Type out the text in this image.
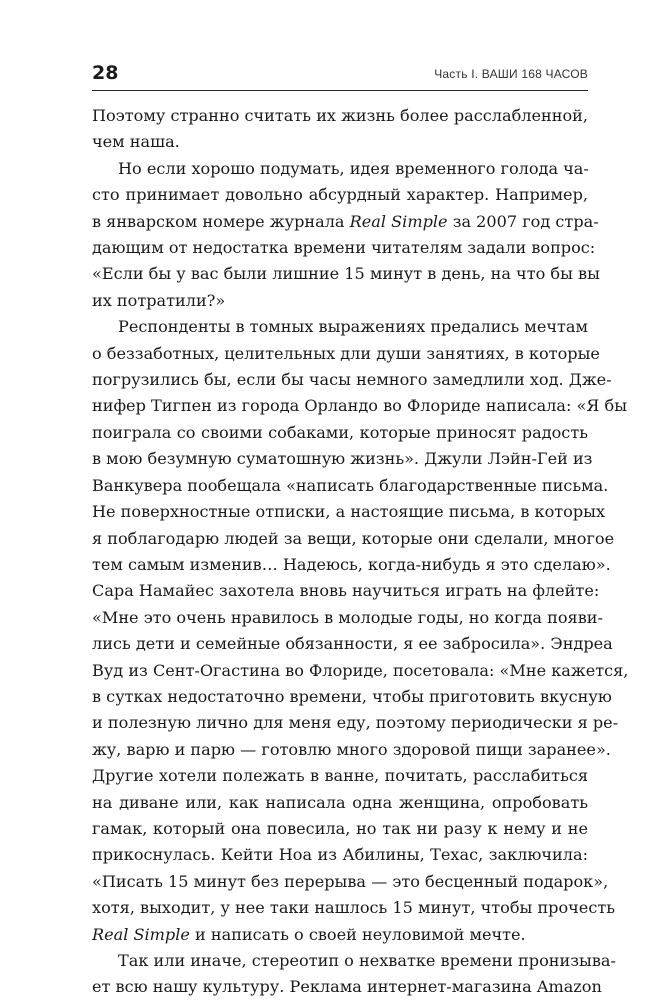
28	Часть I. ВАШИ 168 ЧАСОВ
Поэтому странно считать их жизнь более расслабленной,
чем наша.
Но если хорошо подумать, идея временного голода ча-
сто принимает довольно абсурдный характер. Например,
в январском номере журнала Real Simple за 2007 год стра-
дающим от недостатка времени читателям задали вопрос:
«Если бы у вас были лишние 15 минут в день, на что бы вы
их потратили?»
Респонденты в томных выражениях предались мечтам
о беззаботных, целительных дли души занятиях, в которые
погрузились бы, если бы часы немного замедлили ход. Дже-
нифер Тигпен из города Орландо во Флориде написала: «Я бы
поиграла со своими собаками, которые приносят радость
в мою безумную суматошную жизнь». Джули Лэйн-Гей из
Ванкувера пообещала «написать благодарственные письма.
Не поверхностные отписки, а настоящие письма, в которых
я поблагодарю людей за вещи, которые они сделали, многое
тем самым изменив… Надеюсь, когда-нибудь я это сделаю».
Сара Намайес захотела вновь научиться играть на флейте:
«Мне это очень нравилось в молодые годы, но когда появи-
лись дети и семейные обязанности, я ее забросила». Эндреа
Вуд из Сент-Огастина во Флориде, посетовала: «Мне кажется,
в сутках недостаточно времени, чтобы приготовить вкусную
и полезную лично для меня еду, поэтому периодически я ре-
жу, варю и парю — готовлю много здоровой пищи заранее».
Другие хотели полежать в ванне, почитать, расслабиться
на диване или, как написала одна женщина, опробовать
гамак, который она повесила, но так ни разу к нему и не
прикоснулась. Кейти Ноа из Абилины, Техас, заключила:
«Писать 15 минут без перерыва — это бесценный подарок»,
хотя, выходит, у нее таки нашлось 15 минут, чтобы прочесть
Real Simple и написать о своей неуловимой мечте.
Так или иначе, стереотип о нехватке времени пронизыва-
ет всю нашу культуру. Реклама интернет-магазина Amazon
